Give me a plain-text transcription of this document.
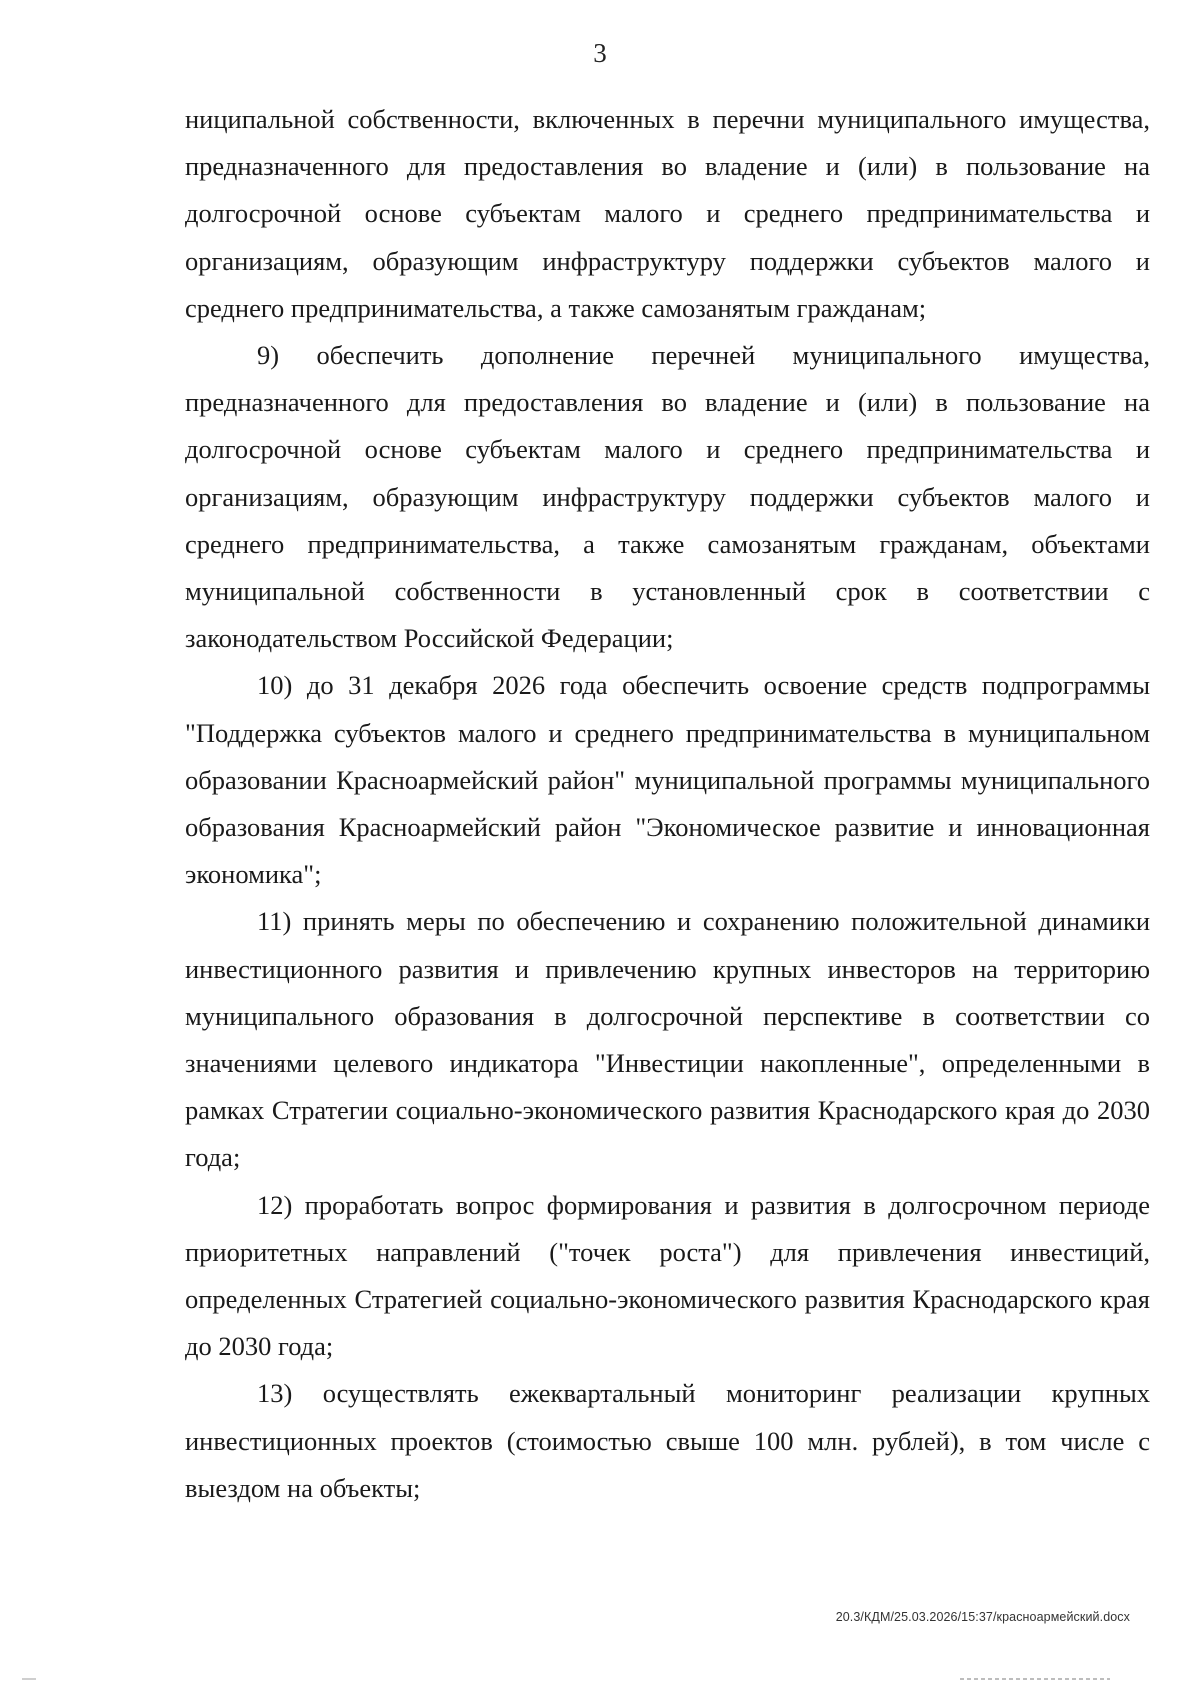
3

ниципальной собственности, включенных в перечни муниципального имущества, предназначенного для предоставления во владение и (или) в пользование на долгосрочной основе субъектам малого и среднего предпринимательства и организациям, образующим инфраструктуру поддержки субъектов малого и среднего предпринимательства, а также самозанятым гражданам;

9) обеспечить дополнение перечней муниципального имущества, предназначенного для предоставления во владение и (или) в пользование на долгосрочной основе субъектам малого и среднего предпринимательства и организациям, образующим инфраструктуру поддержки субъектов малого и среднего предпринимательства, а также самозанятым гражданам, объектами муниципальной собственности в установленный срок в соответствии с законодательством Российской Федерации;

10) до 31 декабря 2026 года обеспечить освоение средств подпрограммы "Поддержка субъектов малого и среднего предпринимательства в муниципальном образовании Красноармейский район" муниципальной программы муниципального образования Красноармейский район "Экономическое развитие и инновационная экономика";

11) принять меры по обеспечению и сохранению положительной динамики инвестиционного развития и привлечению крупных инвесторов на территорию муниципального образования в долгосрочной перспективе в соответствии со значениями целевого индикатора "Инвестиции накопленные", определенными в рамках Стратегии социально-экономического развития Краснодарского края до 2030 года;

12) проработать вопрос формирования и развития в долгосрочном периоде приоритетных направлений ("точек роста") для привлечения инвестиций, определенных Стратегией социально-экономического развития Краснодарского края до 2030 года;

13) осуществлять ежеквартальный мониторинг реализации крупных инвестиционных проектов (стоимостью свыше 100 млн. рублей), в том числе с выездом на объекты;

20.3/КДМ/25.03.2026/15:37/красноармейский.docx
